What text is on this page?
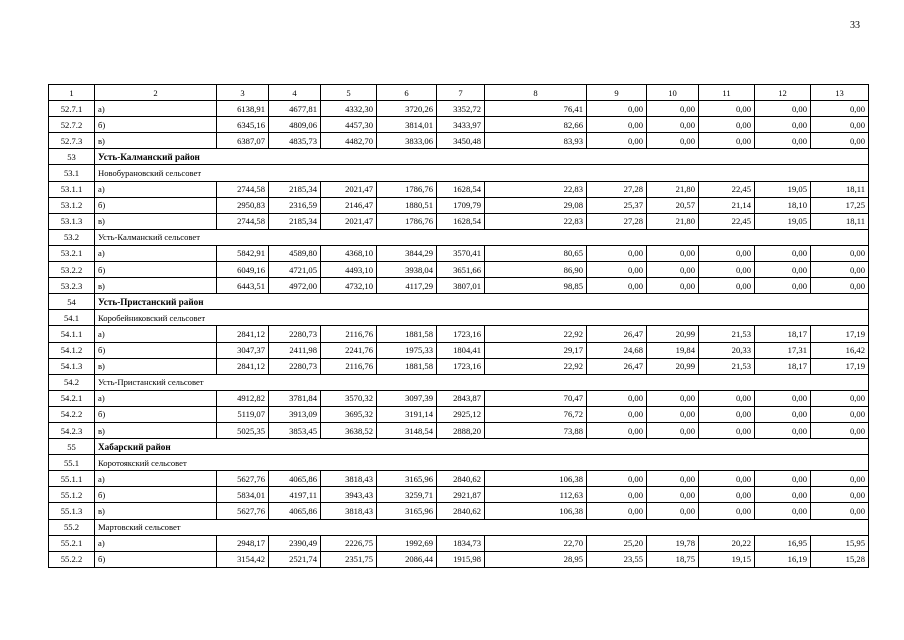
33
1	2	3	4	5	6	7	8	9	10	11	12	13
52.7.1	а)	6138,91	4677,81	4332,30	3720,26	3352,72	76,41	0,00	0,00	0,00	0,00	0,00
52.7.2	б)	6345,16	4809,06	4457,30	3814,01	3433,97	82,66	0,00	0,00	0,00	0,00	0,00
52.7.3	в)	6387,07	4835,73	4482,70	3833,06	3450,48	83,93	0,00	0,00	0,00	0,00	0,00
53	Усть-Калманский район											
53.1	Новобурановский сельсовет											
53.1.1	а)	2744,58	2185,34	2021,47	1786,76	1628,54	22,83	27,28	21,80	22,45	19,05	18,11
53.1.2	б)	2950,83	2316,59	2146,47	1880,51	1709,79	29,08	25,37	20,57	21,14	18,10	17,25
53.1.3	в)	2744,58	2185,34	2021,47	1786,76	1628,54	22,83	27,28	21,80	22,45	19,05	18,11
53.2	Усть-Калманский сельсовет											
53.2.1	а)	5842,91	4589,80	4368,10	3844,29	3570,41	80,65	0,00	0,00	0,00	0,00	0,00
53.2.2	б)	6049,16	4721,05	4493,10	3938,04	3651,66	86,90	0,00	0,00	0,00	0,00	0,00
53.2.3	в)	6443,51	4972,00	4732,10	4117,29	3807,01	98,85	0,00	0,00	0,00	0,00	0,00
54	Усть-Пристанский район											
54.1	Коробейниковский сельсовет											
54.1.1	а)	2841,12	2280,73	2116,76	1881,58	1723,16	22,92	26,47	20,99	21,53	18,17	17,19
54.1.2	б)	3047,37	2411,98	2241,76	1975,33	1804,41	29,17	24,68	19,84	20,33	17,31	16,42
54.1.3	в)	2841,12	2280,73	2116,76	1881,58	1723,16	22,92	26,47	20,99	21,53	18,17	17,19
54.2	Усть-Пристанский сельсовет											
54.2.1	а)	4912,82	3781,84	3570,32	3097,39	2843,87	70,47	0,00	0,00	0,00	0,00	0,00
54.2.2	б)	5119,07	3913,09	3695,32	3191,14	2925,12	76,72	0,00	0,00	0,00	0,00	0,00
54.2.3	в)	5025,35	3853,45	3638,52	3148,54	2888,20	73,88	0,00	0,00	0,00	0,00	0,00
55	Хабарский район											
55.1	Коротоякский сельсовет											
55.1.1	а)	5627,76	4065,86	3818,43	3165,96	2840,62	106,38	0,00	0,00	0,00	0,00	0,00
55.1.2	б)	5834,01	4197,11	3943,43	3259,71	2921,87	112,63	0,00	0,00	0,00	0,00	0,00
55.1.3	в)	5627,76	4065,86	3818,43	3165,96	2840,62	106,38	0,00	0,00	0,00	0,00	0,00
55.2	Мартовский сельсовет											
55.2.1	а)	2948,17	2390,49	2226,75	1992,69	1834,73	22,70	25,20	19,78	20,22	16,95	15,95
55.2.2	б)	3154,42	2521,74	2351,75	2086,44	1915,98	28,95	23,55	18,75	19,15	16,19	15,28
